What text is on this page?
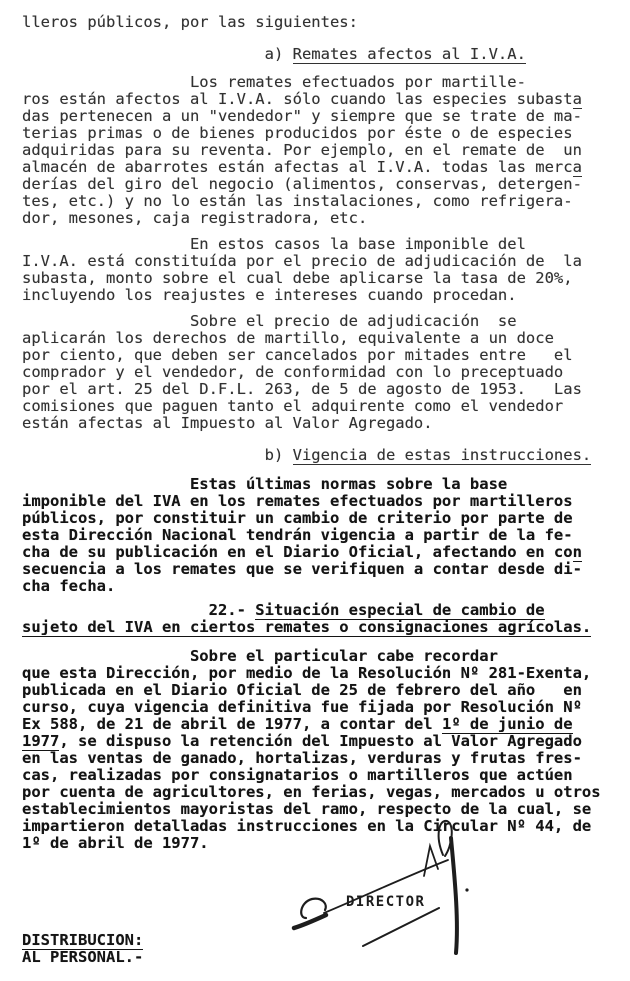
lleros públicos, por las siguientes:
a) Remates afectos al I.V.A.
Los remates efectuados por martille-
ros están afectos al I.V.A. sólo cuando las especies subasta
das pertenecen a un "vendedor" y siempre que se trate de ma-
terias primas o de bienes producidos por éste o de especies
adquiridas para su reventa. Por ejemplo, en el remate de  un
almacén de abarrotes están afectas al I.V.A. todas las merca
derías del giro del negocio (alimentos, conservas, detergen-
tes, etc.) y no lo están las instalaciones, como refrigera-
dor, mesones, caja registradora, etc.
En estos casos la base imponible del
I.V.A. está constituída por el precio de adjudicación de  la
subasta, monto sobre el cual debe aplicarse la tasa de 20%,
incluyendo los reajustes e intereses cuando procedan.
Sobre el precio de adjudicación  se
aplicarán los derechos de martillo, equivalente a un doce
por ciento, que deben ser cancelados por mitades entre   el
comprador y el vendedor, de conformidad con lo preceptuado
por el art. 25 del D.F.L. 263, de 5 de agosto de 1953.   Las
comisiones que paguen tanto el adquirente como el vendedor
están afectas al Impuesto al Valor Agregado.
b) Vigencia de estas instrucciones.
Estas últimas normas sobre la base
imponible del IVA en los remates efectuados por martilleros
públicos, por constituir un cambio de criterio por parte de
esta Dirección Nacional tendrán vigencia a partir de la fe-
cha de su publicación en el Diario Oficial, afectando en con
secuencia a los remates que se verifiquen a contar desde di-
cha fecha.
22.- Situación especial de cambio de
sujeto del IVA en ciertos remates o consignaciones agrícolas.
Sobre el particular cabe recordar
que esta Dirección, por medio de la Resolución Nº 281-Exenta,
publicada en el Diario Oficial de 25 de febrero del año   en
curso, cuya vigencia definitiva fue fijada por Resolución Nº
Ex 588, de 21 de abril de 1977, a contar del 1º de junio de
1977, se dispuso la retención del Impuesto al Valor Agregado
en las ventas de ganado, hortalizas, verduras y frutas fres-
cas, realizadas por consignatarios o martilleros que actúen
por cuenta de agricultores, en ferias, vegas, mercados u otros
establecimientos mayoristas del ramo, respecto de la cual, se
impartieron detalladas instrucciones en la Circular Nº 44, de
1º de abril de 1977.
DIRECTOR
DISTRIBUCION:
AL PERSONAL.-
